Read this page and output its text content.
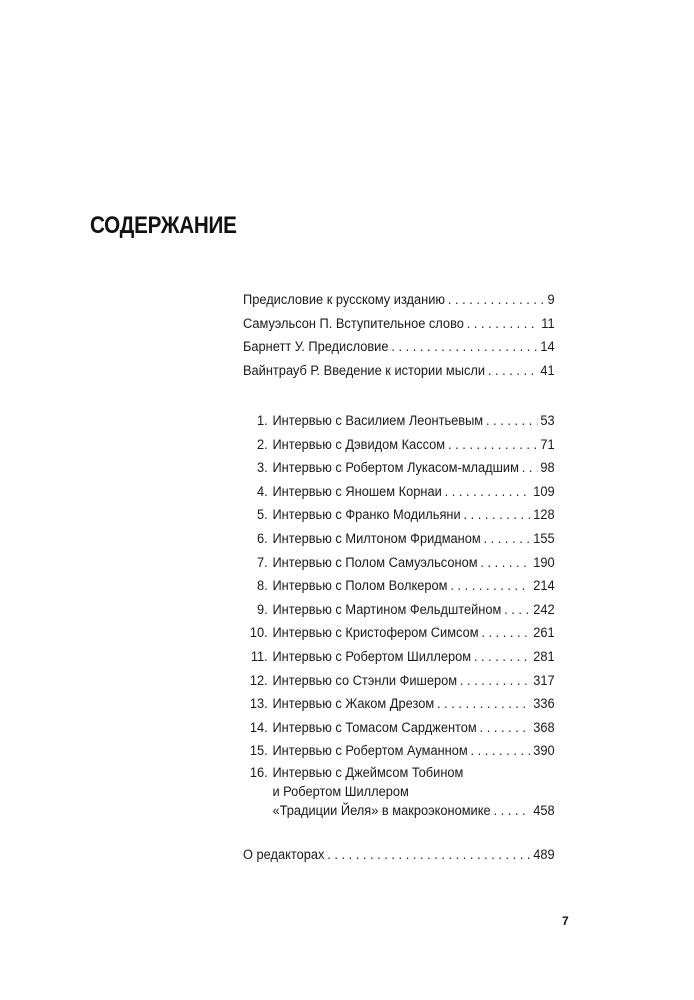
СОДЕРЖАНИЕ
Предисловие к русскому изданию . . .	9
Самуэльсон П. Вступительное слово . . .	11
Барнетт У. Предисловие . . .	14
Вайнтрауб Р. Введение к истории мысли . . .	41
1. Интервью с Василием Леонтьевым . . .	53
2. Интервью с Дэвидом Кассом . . .	71
3. Интервью с Робертом Лукасом-младшим . . . 98
4. Интервью с Яношем Корнаи . . .	109
5. Интервью с Франко Модильяни . . .	128
6. Интервью с Милтоном Фридманом . . .	155
7. Интервью с Полом Самуэльсоном . . .	190
8. Интервью с Полом Волкером . . .	214
9. Интервью с Мартином Фельдштейном . . . 242
10. Интервью с Кристофером Симсом . . .	261
11. Интервью с Робертом Шиллером . . .	281
12. Интервью со Стэнли Фишером . . .	317
13. Интервью с Жаком Дрезом . . .	336
14. Интервью с Томасом Сарджентом . . .	368
15. Интервью с Робертом Ауманном . . .	390
16. Интервью с Джеймсом Тобином
и Робертом Шиллером
«Традиции Йеля» в макроэкономике . . .	458
О редакторах . . .	489
7
